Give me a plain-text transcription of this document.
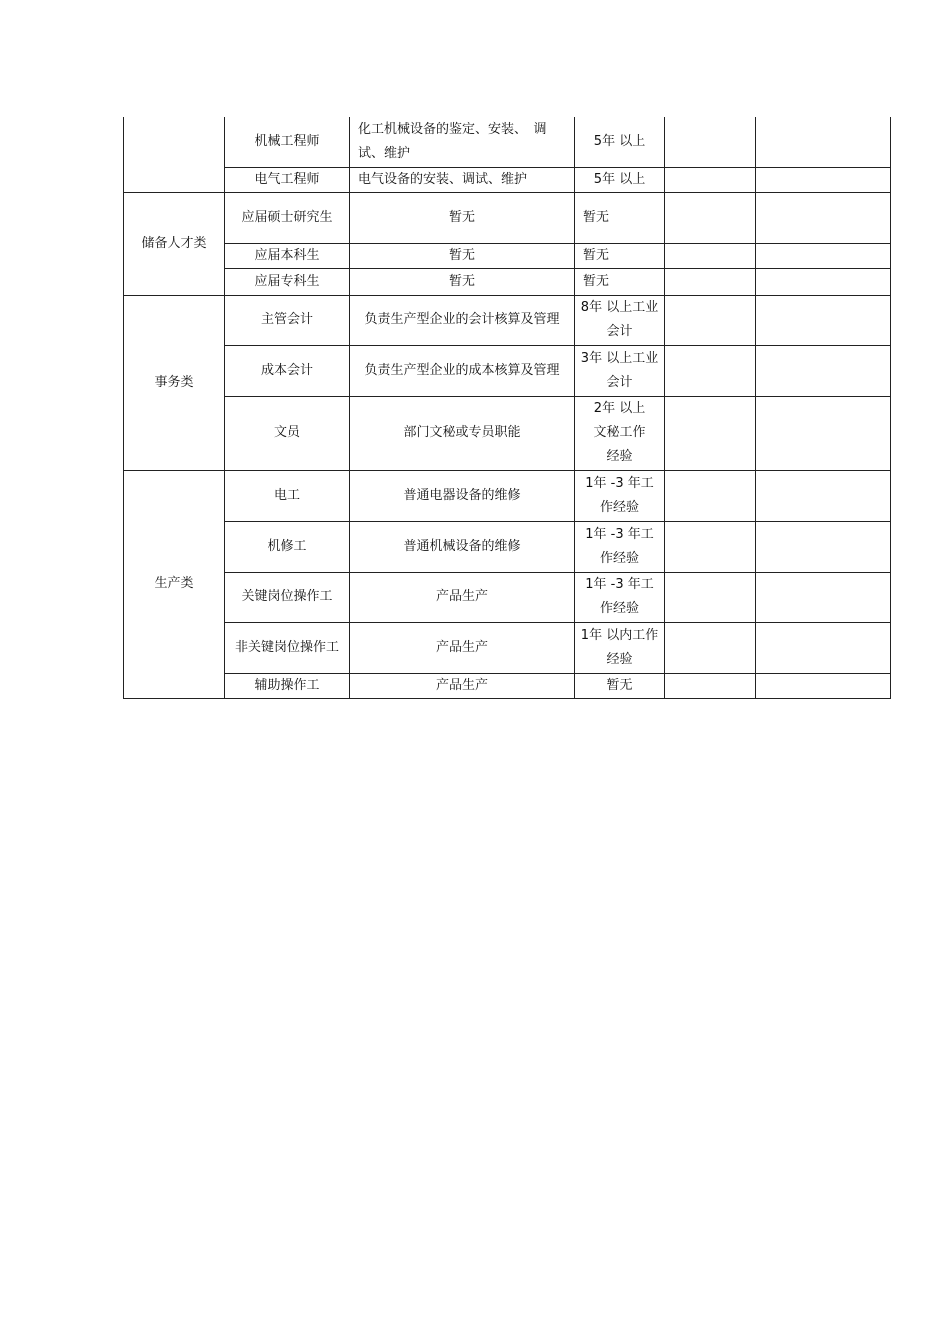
	机械工程师	化工机械设备的鉴定、安装、　调试、维护	5年 以上		
	电气工程师	电气设备的安装、调试、维护	5年 以上		
储备人才类	应届硕士研究生	暂无	暂无		
	应届本科生	暂无	暂无		
	应届专科生	暂无	暂无		
事务类	主管会计	负责生产型企业的会计核算及管理	8年 以上工业会计		
	成本会计	负责生产型企业的成本核算及管理	3年 以上工业会计		
	文员	部门文秘或专员职能	2年 以上文秘工作经验		
生产类	电工	普通电器设备的维修	1年 -3 年工作经验		
	机修工	普通机械设备的维修	1年 -3 年工作经验		
	关键岗位操作工	产品生产	1年 -3 年工作经验		
	非关键岗位操作工	产品生产	1年 以内工作经验		
	辅助操作工	产品生产	暂无		
